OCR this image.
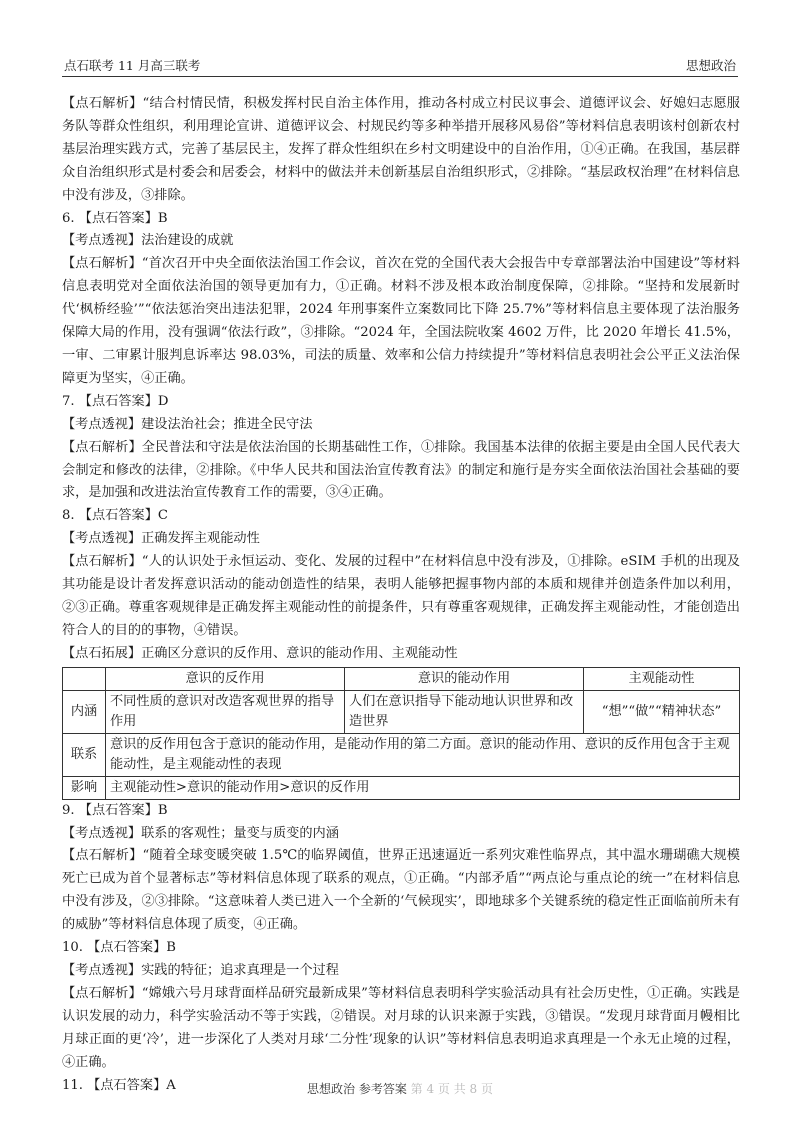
点石联考 11 月高三联考	思想政治

【点石解析】“结合村情民情，积极发挥村民自治主体作用，推动各村成立村民议事会、道德评议会、好媳妇志愿服务队等群众性组织，利用理论宣讲、道德评议会、村规民约等多种举措开展移风易俗”等材料信息表明该村创新农村基层治理实践方式，完善了基层民主，发挥了群众性组织在乡村文明建设中的自治作用，①④正确。在我国，基层群众自治组织形式是村委会和居委会，材料中的做法并未创新基层自治组织形式，②排除。“基层政权治理”在材料信息中没有涉及，③排除。

6. 【点石答案】B

【考点透视】法治建设的成就

【点石解析】“首次召开中央全面依法治国工作会议，首次在党的全国代表大会报告中专章部署法治中国建设”等材料信息表明党对全面依法治国的领导更加有力，①正确。材料不涉及根本政治制度保障，②排除。“坚持和发展新时代‘枫桥经验’”“依法惩治突出违法犯罪，2024 年刑事案件立案数同比下降 25.7%”等材料信息主要体现了法治服务保障大局的作用，没有强调“依法行政”，③排除。“2024 年，全国法院收案 4602 万件，比 2020 年增长 41.5%，一审、二审累计服判息诉率达 98.03%，司法的质量、效率和公信力持续提升”等材料信息表明社会公平正义法治保障更为坚实，④正确。

7. 【点石答案】D

【考点透视】建设法治社会；推进全民守法

【点石解析】全民普法和守法是依法治国的长期基础性工作，①排除。我国基本法律的依据主要是由全国人民代表大会制定和修改的法律，②排除。《中华人民共和国法治宣传教育法》的制定和施行是夯实全面依法治国社会基础的要求，是加强和改进法治宣传教育工作的需要，③④正确。

8. 【点石答案】C

【考点透视】正确发挥主观能动性

【点石解析】“人的认识处于永恒运动、变化、发展的过程中”在材料信息中没有涉及，①排除。eSIM 手机的出现及其功能是设计者发挥意识活动的能动创造性的结果，表明人能够把握事物内部的本质和规律并创造条件加以利用，②③正确。尊重客观规律是正确发挥主观能动性的前提条件，只有尊重客观规律，正确发挥主观能动性，才能创造出符合人的目的的事物，④错误。

【点石拓展】正确区分意识的反作用、意识的能动作用、主观能动性

	意识的反作用	意识的能动作用	主观能动性
内涵	不同性质的意识对改造客观世界的指导作用	人们在意识指导下能动地认识世界和改造世界	“想”“做”“精神状态”
联系	意识的反作用包含于意识的能动作用，是能动作用的第二方面。意识的能动作用、意识的反作用包含于主观能动性，是主观能动性的表现		
影响	主观能动性>意识的能动作用>意识的反作用		

9. 【点石答案】B

【考点透视】联系的客观性；量变与质变的内涵

【点石解析】“随着全球变暖突破 1.5℃的临界阈值，世界正迅速逼近一系列灾难性临界点，其中温水珊瑚礁大规模死亡已成为首个显著标志”等材料信息体现了联系的观点，①正确。“内部矛盾”“两点论与重点论的统一”在材料信息中没有涉及，②③排除。“这意味着人类已进入一个全新的‘气候现实’，即地球多个关键系统的稳定性正面临前所未有的威胁”等材料信息体现了质变，④正确。

10. 【点石答案】B

【考点透视】实践的特征；追求真理是一个过程

【点石解析】“嫦娥六号月球背面样品研究最新成果”等材料信息表明科学实验活动具有社会历史性，①正确。实践是认识发展的动力，科学实验活动不等于实践，②错误。对月球的认识来源于实践，③错误。“发现月球背面月幔相比月球正面的更‘冷’，进一步深化了人类对月球‘二分性’现象的认识”等材料信息表明追求真理是一个永无止境的过程，④正确。

11. 【点石答案】A	思想政治 参考答案 第 4 页 共 8 页
